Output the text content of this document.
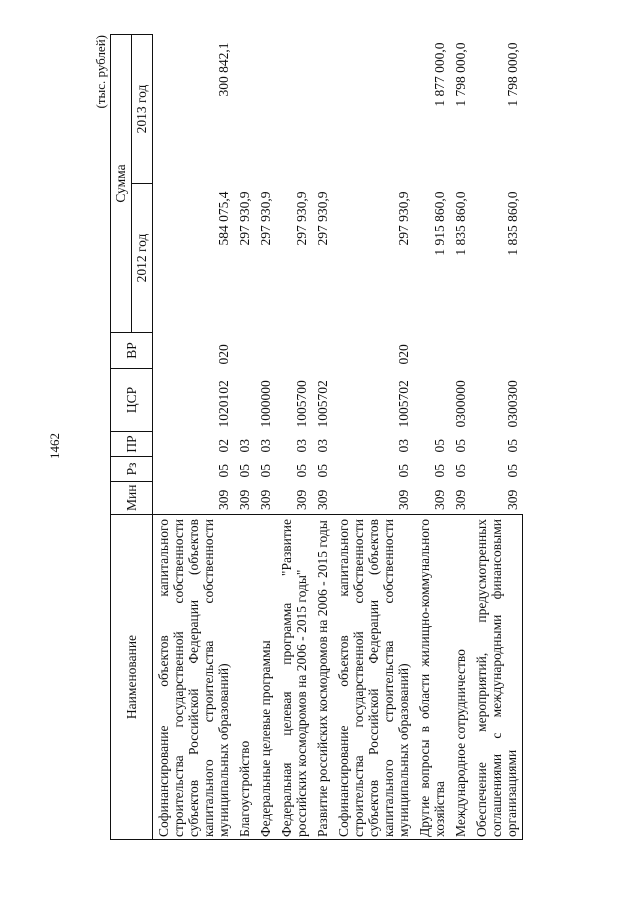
1462
(тыс. рублей)
Наименование	Мин	Рз	ПР	ЦСР	ВР	Сумма	
						2012 год	2013 год
Софинансирование объектов капитального строительства государственной собственности субъектов Российской Федерации (объектов капитального строительства собственности муниципальных образований)	309	05	02	1020102	020	584 075,4	300 842,1
Благоустройство	309	05	03			297 930,9	
Федеральные целевые программы	309	05	03	1000000		297 930,9	
Федеральная целевая программа "Развитие российских космодромов на 2006 - 2015 годы"	309	05	03	1005700		297 930,9	
Развитие российских космодромов на 2006 - 2015 годы	309	05	03	1005702		297 930,9	
Софинансирование объектов капитального строительства государственной собственности субъектов Российской Федерации (объектов капитального строительства собственности муниципальных образований)	309	05	03	1005702	020	297 930,9	
Другие вопросы в области жилищно-коммунального хозяйства	309	05	05			1 915 860,0	1 877 000,0
Международное сотрудничество	309	05	05	0300000		1 835 860,0	1 798 000,0
Обеспечение мероприятий, предусмотренных соглашениями с международными финансовыми организациями	309	05	05	0300300		1 835 860,0	1 798 000,0
